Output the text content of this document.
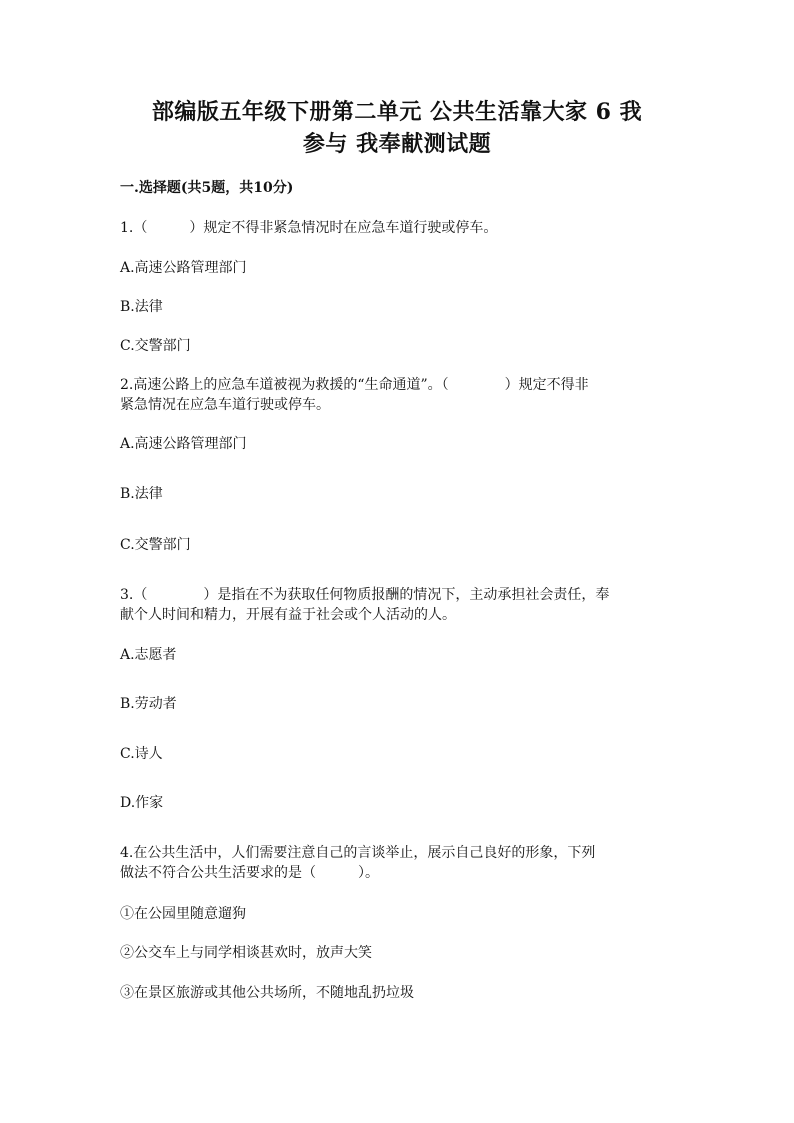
部编版五年级下册第二单元 公共生活靠大家 6 我
参与 我奉献测试题
一.选择题(共5题，共10分)
1.（　　　）规定不得非紧急情况时在应急车道行驶或停车。
A.高速公路管理部门
B.法律
C.交警部门
2.高速公路上的应急车道被视为救援的“生命通道”。（　　　　）规定不得非
紧急情况在应急车道行驶或停车。
A.高速公路管理部门
B.法律
C.交警部门
3.（　　　　）是指在不为获取任何物质报酬的情况下，主动承担社会责任，奉
献个人时间和精力，开展有益于社会或个人活动的人。
A.志愿者
B.劳动者
C.诗人
D.作家
4.在公共生活中，人们需要注意自己的言谈举止，展示自己良好的形象，下列
做法不符合公共生活要求的是（　　　）。
①在公园里随意遛狗
②公交车上与同学相谈甚欢时，放声大笑
③在景区旅游或其他公共场所，不随地乱扔垃圾
